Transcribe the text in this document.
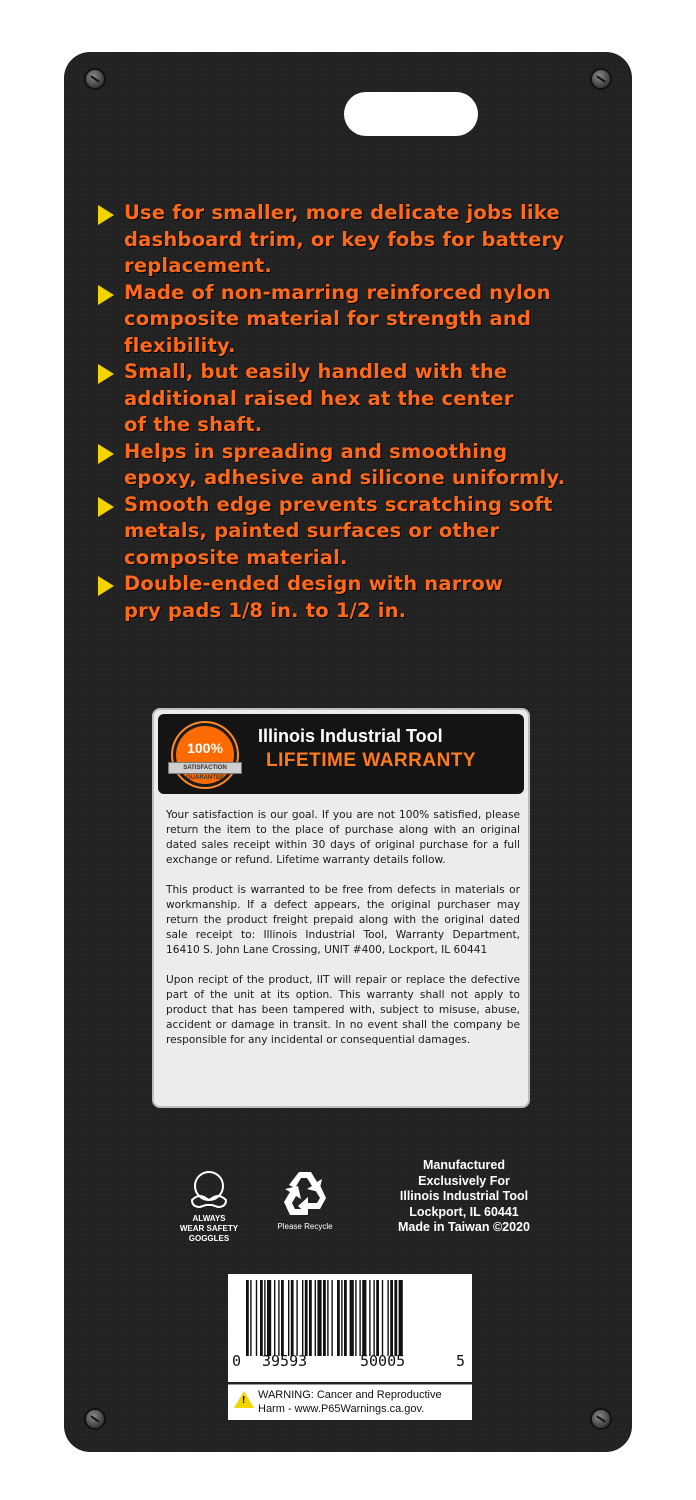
Use for smaller, more delicate jobs like
dashboard trim, or key fobs for battery
replacement.
Made of non-marring reinforced nylon
composite material for strength and
flexibility.
Small, but easily handled with the
additional raised hex at the center
of the shaft.
Helps in spreading and smoothing
epoxy, adhesive and silicone uniformly.
Smooth edge prevents scratching soft
metals, painted surfaces or other
composite material.
Double-ended design with narrow
pry pads 1/8 in. to 1/2 in.
100%
SATISFACTION GUARANTEE
Illinois Industrial Tool
LIFETIME WARRANTY

Your satisfaction is our goal. If you are not 100% satisfied, please return the item to the place of purchase along with an original dated sales receipt within 30 days of original purchase for a full exchange or refund. Lifetime warranty details follow.

This product is warranted to be free from defects in materials or workmanship. If a defect appears, the original purchaser may return the product freight prepaid along with the original dated sale receipt to: Illinois Industrial Tool, Warranty Department, 16410 S. John Lane Crossing, UNIT #400, Lockport, IL 60441

Upon recipt of the product, IIT will repair or replace the defective part of the unit at its option. This warranty shall not apply to product that has been tampered with, subject to misuse, abuse, accident or damage in transit. In no event shall the company be responsible for any incidental or consequential damages.

ALWAYS
WEAR SAFETY
GOGGLES
Please Recycle
Manufactured
Exclusively For
Illinois Industrial Tool
Lockport, IL 60441
Made in Taiwan ©2020
0 39593	50005	5
! WARNING: Cancer and Reproductive Harm - www.P65Warnings.ca.gov.
